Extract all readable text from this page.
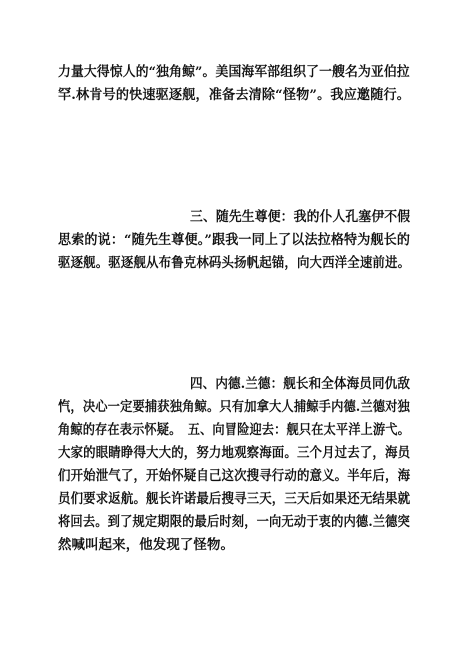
力量大得惊人的“独角鲸”。美国海军部组织了一艘名为亚伯拉
罕.林肯号的快速驱逐舰，准备去清除“怪物”。我应邀随行。
三、随先生尊便：我的仆人孔塞伊不假
思索的说：“随先生尊便。”跟我一同上了以法拉格特为舰长的
驱逐舰。驱逐舰从布鲁克林码头扬帆起锚，向大西洋全速前进。
四、内德.兰德：舰长和全体海员同仇敌
忾，决心一定要捕获独角鲸。只有加拿大人捕鲸手内德.兰德对独
角鲸的存在表示怀疑。　五、向冒险迎去：舰只在太平洋上游弋。
大家的眼睛睁得大大的，努力地观察海面。三个月过去了，海员
们开始泄气了，开始怀疑自己这次搜寻行动的意义。半年后，海
员们要求返航。舰长许诺最后搜寻三天，三天后如果还无结果就
将回去。到了规定期限的最后时刻，一向无动于衷的内德.兰德突
然喊叫起来，他发现了怪物。
